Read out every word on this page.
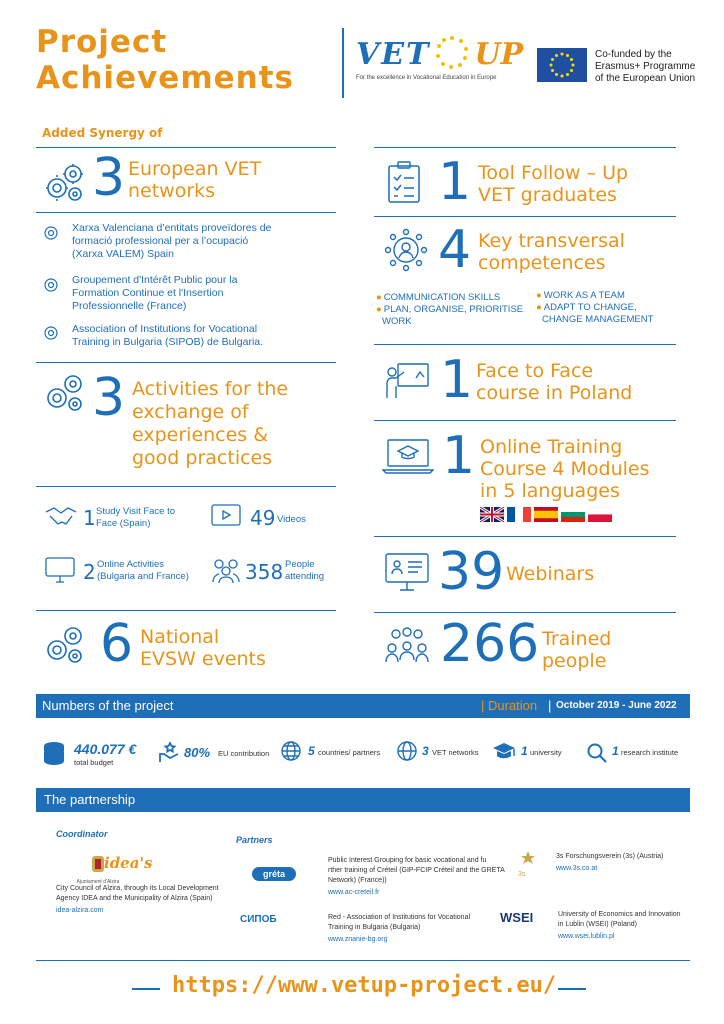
Project
Achievements
VET UP
For the excellence in Vocational Education in Europe
Co-funded by the
Erasmus+ Programme
of the European Union
Added Synergy of
3 European VET
networks
Xarxa Valenciana d’entitats proveïdores de
formació professional per a l’ocupació
(Xarxa VALEM) Spain
Groupement d'Intérêt Public pour la
Formation Continue et l'Insertion
Professionnelle (France)
Association of Institutions for Vocational
Training in Bulgaria (SIPOB) de Bulgaria.
3 Activities for the
exchange of
experiences &
good practices
1 Study Visit Face to
Face (Spain)	49 Videos
2 Online Activities
(Bulgaria and France)	358 People
attending
6 National
EVSW events
1 Tool Follow – Up
VET graduates
4 Key transversal
competences
● COMMUNICATION SKILLS
● PLAN, ORGANISE, PRIORITISE
WORK
● WORK AS A TEAM
● ADAPT TO CHANGE,
CHANGE MANAGEMENT
1 Face to Face
course in Poland
1 Online Training
Course 4 Modules
in 5 languages
39 Webinars
266 Trained
people
Numbers of the project	| Duration | October 2019 - June 2022
440.077 €
total budget
80% EU contribution	5 countries/ partners	3 VET networks	1 university	1 research institute
The partnership
Coordinator
Partners
Ajuntament d'Alzira
idea's
City Council of Alzira, through its Local Development
Agency IDEA and the Municipality of Alzira (Spain)
idea-alzira.com
gréta
Public Interest Grouping for basic vocational and fu
rther training of Créteil (GIP-FCIP Créteil and the GRETA
Network) (France))
www.ac-creteil.fr
3s
3s Forschungsverein (3s) (Austria)
www.3s.co.at
СИПОБ	Red - Association of Institutions for Vocational
Training in Bulgaria (Bulgaria)
www.znanie-bg.org
WSEI	University of Economics and Innovation
in Lublin (WSEI) (Poland)
www.wsei.lublin.pl
https://www.vetup-project.eu/
